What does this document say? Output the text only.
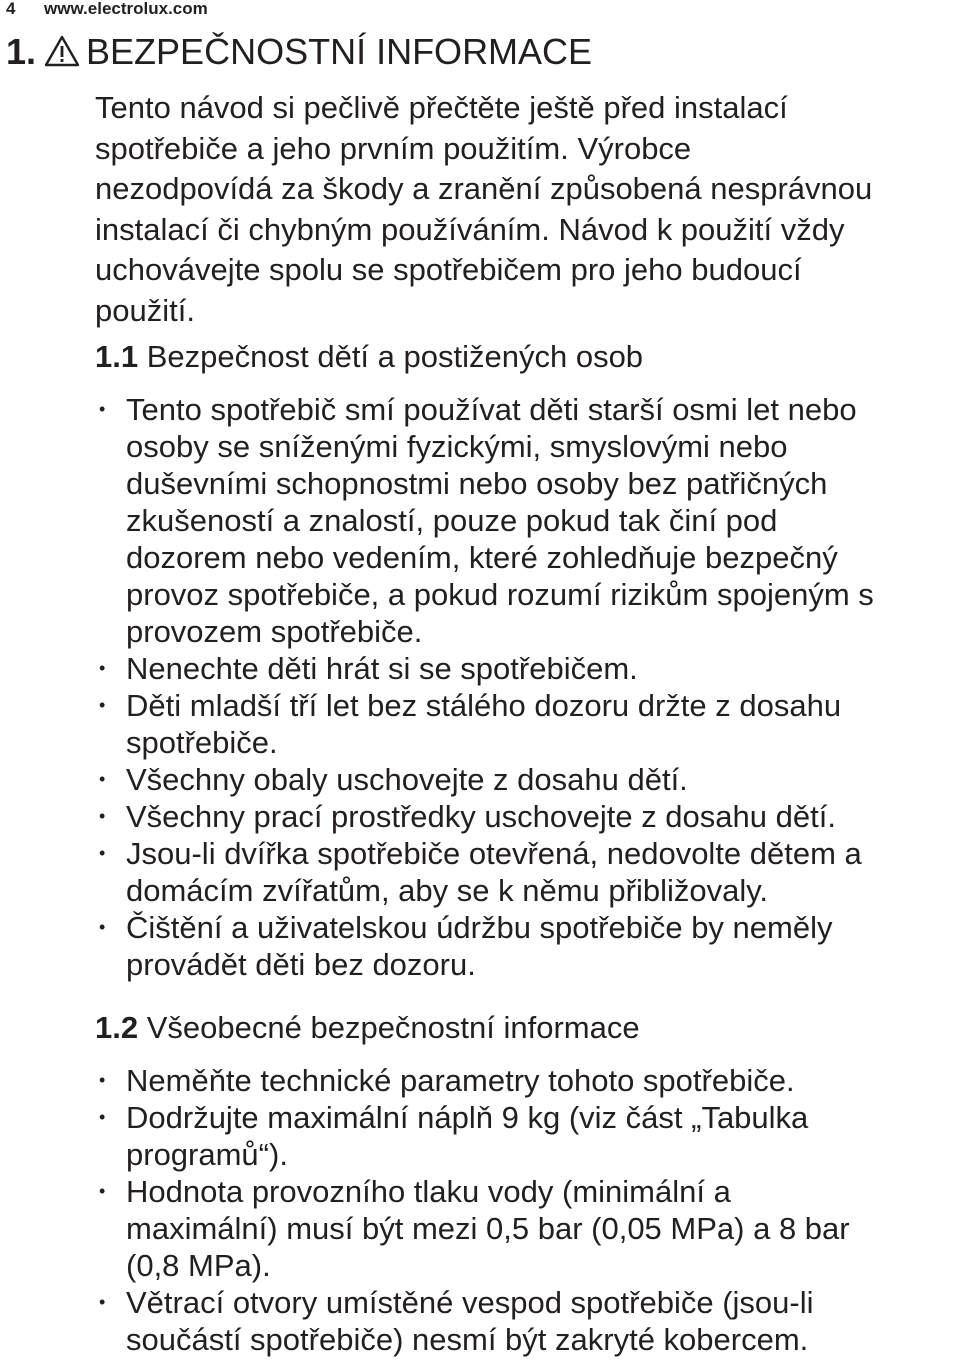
4 www.electrolux.com
1. BEZPEČNOSTNÍ INFORMACE
Tento návod si pečlivě přečtěte ještě před instalací
spotřebiče a jeho prvním použitím. Výrobce
nezodpovídá za škody a zranění způsobená nesprávnou
instalací či chybným používáním. Návod k použití vždy
uchovávejte spolu se spotřebičem pro jeho budoucí
použití.
1.1 Bezpečnost dětí a postižených osob
• Tento spotřebič smí používat děti starší osmi let nebo
osoby se sníženými fyzickými, smyslovými nebo
duševními schopnostmi nebo osoby bez patřičných
zkušeností a znalostí, pouze pokud tak činí pod
dozorem nebo vedením, které zohledňuje bezpečný
provoz spotřebiče, a pokud rozumí rizikům spojeným s
provozem spotřebiče.
• Nenechte děti hrát si se spotřebičem.
• Děti mladší tří let bez stálého dozoru držte z dosahu
spotřebiče.
• Všechny obaly uschovejte z dosahu dětí.
• Všechny prací prostředky uschovejte z dosahu dětí.
• Jsou-li dvířka spotřebiče otevřená, nedovolte dětem a
domácím zvířatům, aby se k němu přibližovaly.
• Čištění a uživatelskou údržbu spotřebiče by neměly
provádět děti bez dozoru.
1.2 Všeobecné bezpečnostní informace
• Neměňte technické parametry tohoto spotřebiče.
• Dodržujte maximální náplň 9 kg (viz část „Tabulka
programů“).
• Hodnota provozního tlaku vody (minimální a
maximální) musí být mezi 0,5 bar (0,05 MPa) a 8 bar
(0,8 MPa).
• Větrací otvory umístěné vespod spotřebiče (jsou-li
součástí spotřebiče) nesmí být zakryté kobercem.
